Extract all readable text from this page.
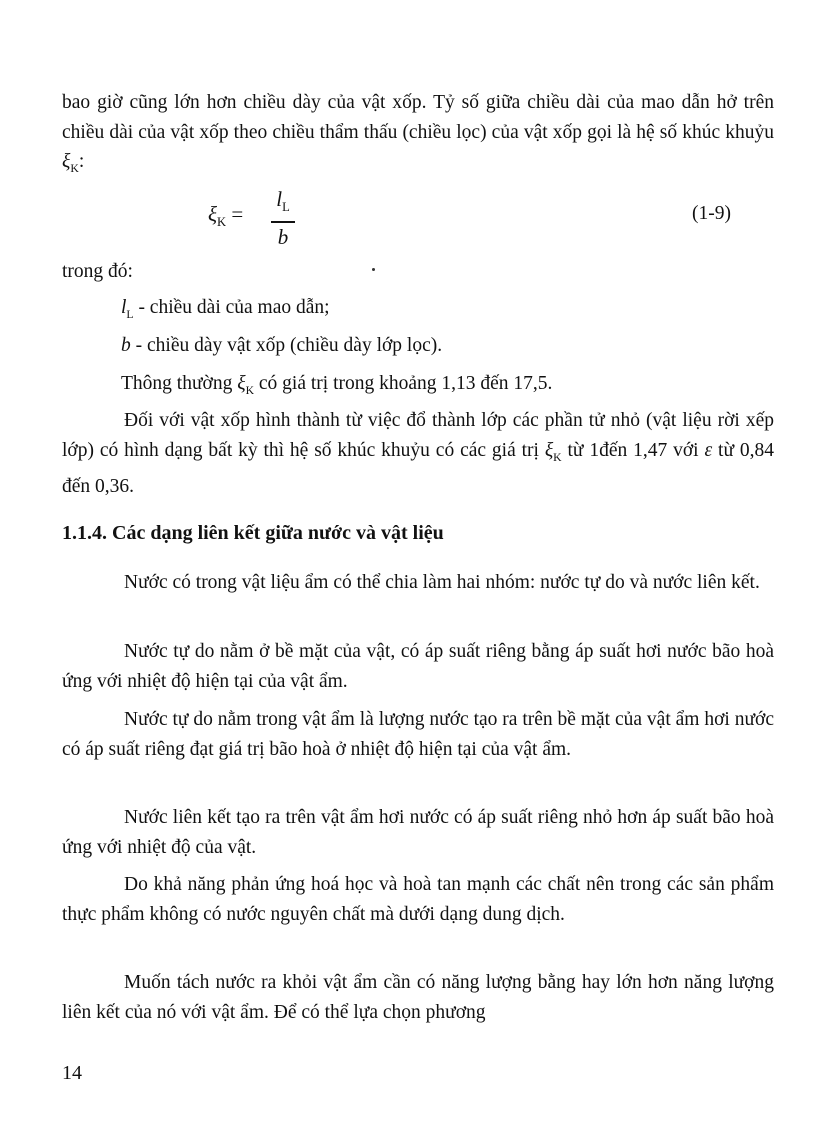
bao giờ cũng lớn hơn chiều dày của vật xốp. Tỷ số giữa chiều dài của mao dẫn hở trên chiều dài của vật xốp theo chiều thẩm thấu (chiều lọc) của vật xốp gọi là hệ số khúc khuỷu $\xi_K$:

$\xi_K$ =
$l_L$
b
(1-9)

trong đó:

$l_L$ - chiều dài của mao dẫn;
b - chiều dày vật xốp (chiều dày lớp lọc).
Thông thường $\xi_K$ có giá trị trong khoảng 1,13 đến 17,5.

Đối với vật xốp hình thành từ việc đổ thành lớp các phần tử nhỏ (vật liệu rời xếp lớp) có hình dạng bất kỳ thì hệ số khúc khuỷu có các giá trị $\xi_K$ từ 1đến 1,47 với ε từ 0,84 đến 0,36.

1.1.4. Các dạng liên kết giữa nước và vật liệu

Nước có trong vật liệu ẩm có thể chia làm hai nhóm: nước tự do và nước liên kết.

Nước tự do nằm ở bề mặt của vật, có áp suất riêng bằng áp suất hơi nước bão hoà ứng với nhiệt độ hiện tại của vật ẩm.

Nước tự do nằm trong vật ẩm là lượng nước tạo ra trên bề mặt của vật ẩm hơi nước có áp suất riêng đạt giá trị bão hoà ở nhiệt độ hiện tại của vật ẩm.

Nước liên kết tạo ra trên vật ẩm hơi nước có áp suất riêng nhỏ hơn áp suất bão hoà ứng với nhiệt độ của vật.

Do khả năng phản ứng hoá học và hoà tan mạnh các chất nên trong các sản phẩm thực phẩm không có nước nguyên chất mà dưới dạng dung dịch.

Muốn tách nước ra khỏi vật ẩm cần có năng lượng bằng hay lớn hơn năng lượng liên kết của nó với vật ẩm. Để có thể lựa chọn phương

14
